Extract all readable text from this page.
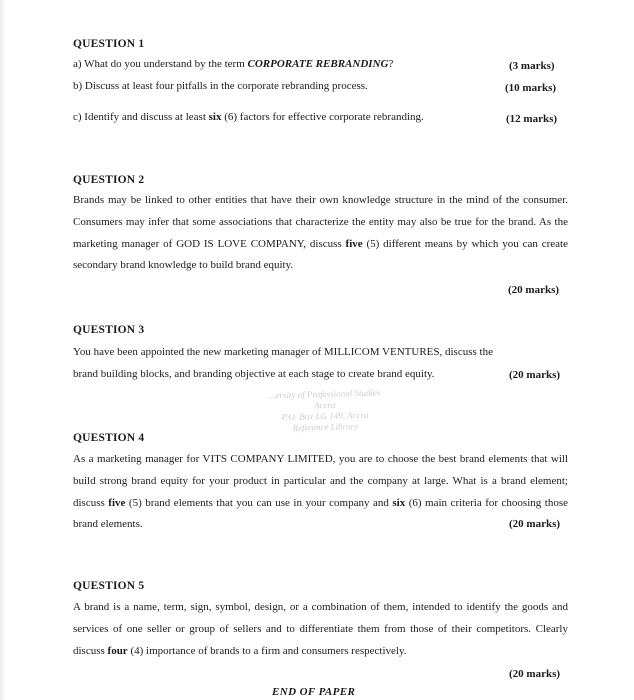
QUESTION 1
a) What do you understand by the term CORPORATE REBRANDING?	(3 marks)
b) Discuss at least four pitfalls in the corporate rebranding process.	(10 marks)
c) Identify and discuss at least six (6) factors for effective corporate rebranding.	(12 marks)
QUESTION 2
Brands may be linked to other entities that have their own knowledge structure in the mind of the consumer. Consumers may infer that some associations that characterize the entity may also be true for the brand. As the marketing manager of GOD IS LOVE COMPANY, discuss five (5) different means by which you can create secondary brand knowledge to build brand equity.
(20 marks)
QUESTION 3
You have been appointed the new marketing manager of MILLICOM VENTURES, discuss the
brand building blocks, and branding objective at each stage to create brand equity.	(20 marks)
...ersity of Professional Studies
Accra
P.O. Box LG 149, Accra
Reference Library
QUESTION 4
As a marketing manager for VITS COMPANY LIMITED, you are to choose the best brand elements that will build strong brand equity for your product in particular and the company at large. What is a brand element; discuss five (5) brand elements that you can use in your company and six (6) main criteria for choosing those brand elements.	(20 marks)
QUESTION 5
A brand is a name, term, sign, symbol, design, or a combination of them, intended to identify the goods and services of one seller or group of sellers and to differentiate them from those of their competitors. Clearly discuss four (4) importance of brands to a firm and consumers respectively.
(20 marks)
END OF PAPER
